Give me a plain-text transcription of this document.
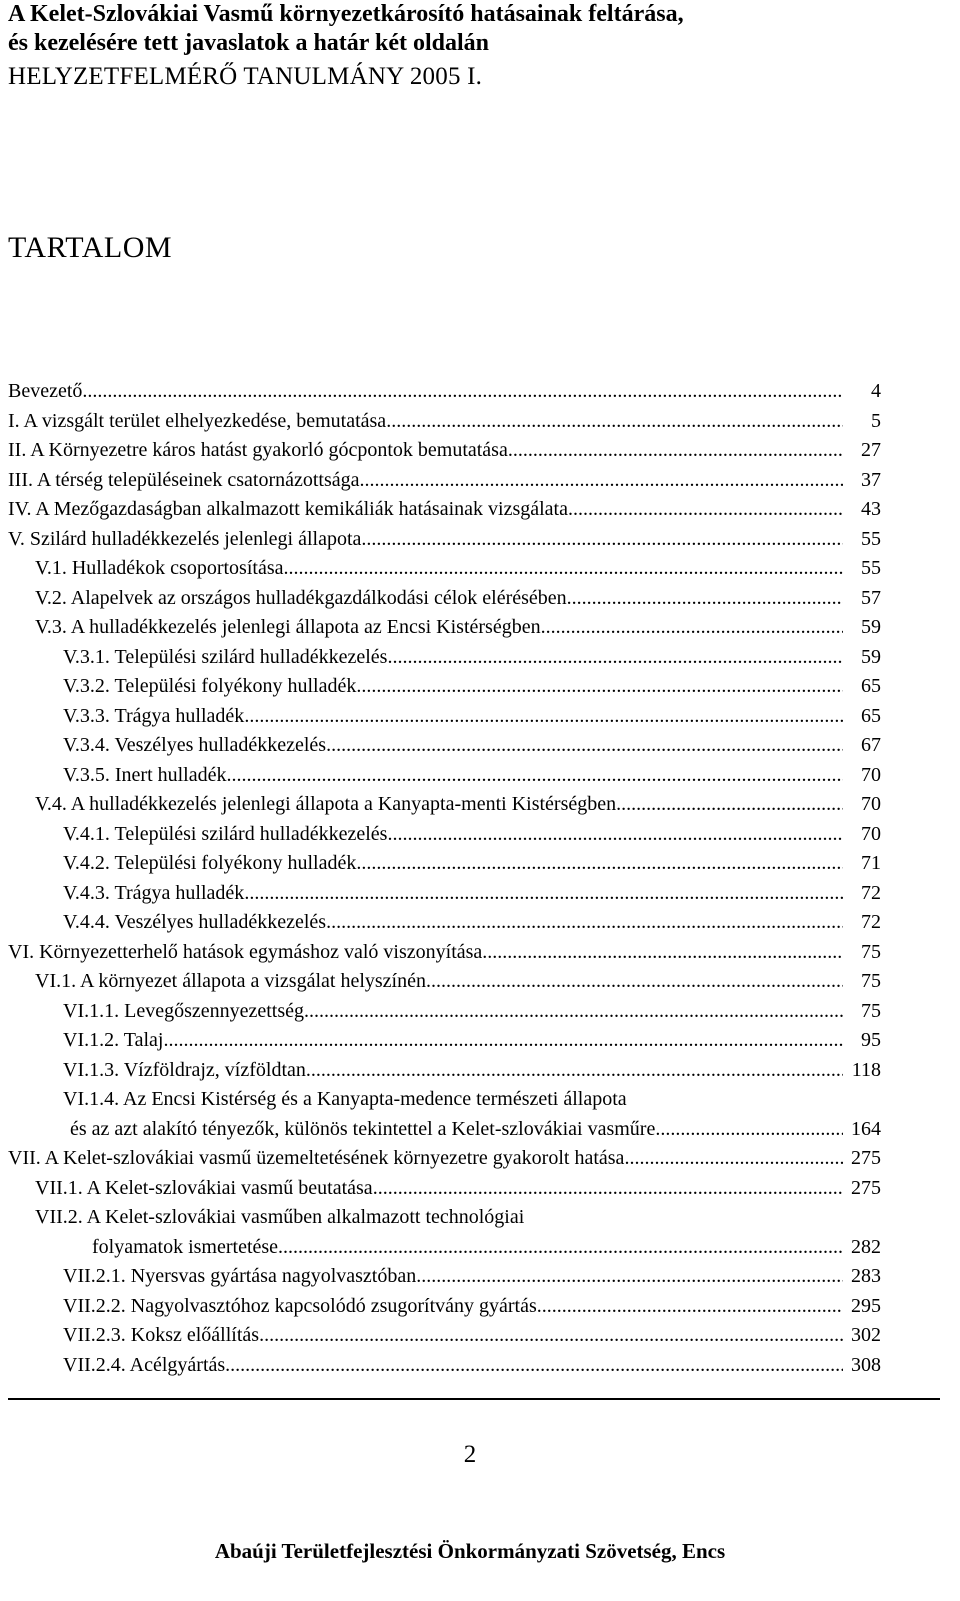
A Kelet-Szlovákiai Vasmű környezetkárosító hatásainak feltárása,
és kezelésére tett javaslatok a határ két oldalán
HELYZETFELMÉRŐ TANULMÁNY 2005 I.
TARTALOM
Bevezető .....	4
I. A vizsgált terület elhelyezkedése, bemutatása .....	5
II. A Környezetre káros hatást gyakorló gócpontok bemutatása .....	27
III. A térség településeinek csatornázottsága .....	37
IV. A Mezőgazdaságban alkalmazott kemikáliák hatásainak vizsgálata .....	43
V. Szilárd hulladékkezelés jelenlegi állapota .....	55
V.1. Hulladékok csoportosítása .....	55
V.2. Alapelvek az országos hulladékgazdálkodási célok elérésében .....	57
V.3. A hulladékkezelés jelenlegi állapota az Encsi Kistérségben .....	59
V.3.1. Települési szilárd hulladékkezelés .....	59
V.3.2. Települési folyékony hulladék .....	65
V.3.3. Trágya hulladék .....	65
V.3.4. Veszélyes hulladékkezelés .....	67
V.3.5. Inert hulladék .....	70
V.4. A hulladékkezelés jelenlegi állapota a Kanyapta-menti Kistérségben .....	70
V.4.1. Települési szilárd hulladékkezelés .....	70
V.4.2. Települési folyékony hulladék .....	71
V.4.3. Trágya hulladék .....	72
V.4.4. Veszélyes hulladékkezelés .....	72
VI. Környezetterhelő hatások egymáshoz való viszonyítása .....	75
VI.1. A környezet állapota a vizsgálat helyszínén .....	75
VI.1.1. Levegőszennyezettség .....	75
VI.1.2. Talaj .....	95
VI.1.3. Vízföldrajz, vízföldtan .....	118
VI.1.4. Az Encsi Kistérség és a Kanyapta-medence természeti állapota
és az azt alakító tényezők, különös tekintettel a Kelet-szlovákiai vasműre .....	164
VII. A Kelet-szlovákiai vasmű üzemeltetésének környezetre gyakorolt hatása .....	275
VII.1. A Kelet-szlovákiai vasmű beutatása .....	275
VII.2. A Kelet-szlovákiai vasműben alkalmazott technológiai
folyamatok ismertetése .....	282
VII.2.1. Nyersvas gyártása nagyolvasztóban .....	283
VII.2.2. Nagyolvasztóhoz kapcsolódó zsugorítvány gyártás .....	295
VII.2.3. Koksz előállítás .....	302
VII.2.4. Acélgyártás .....	308
2
Abaúji Területfejlesztési Önkormányzati Szövetség, Encs
